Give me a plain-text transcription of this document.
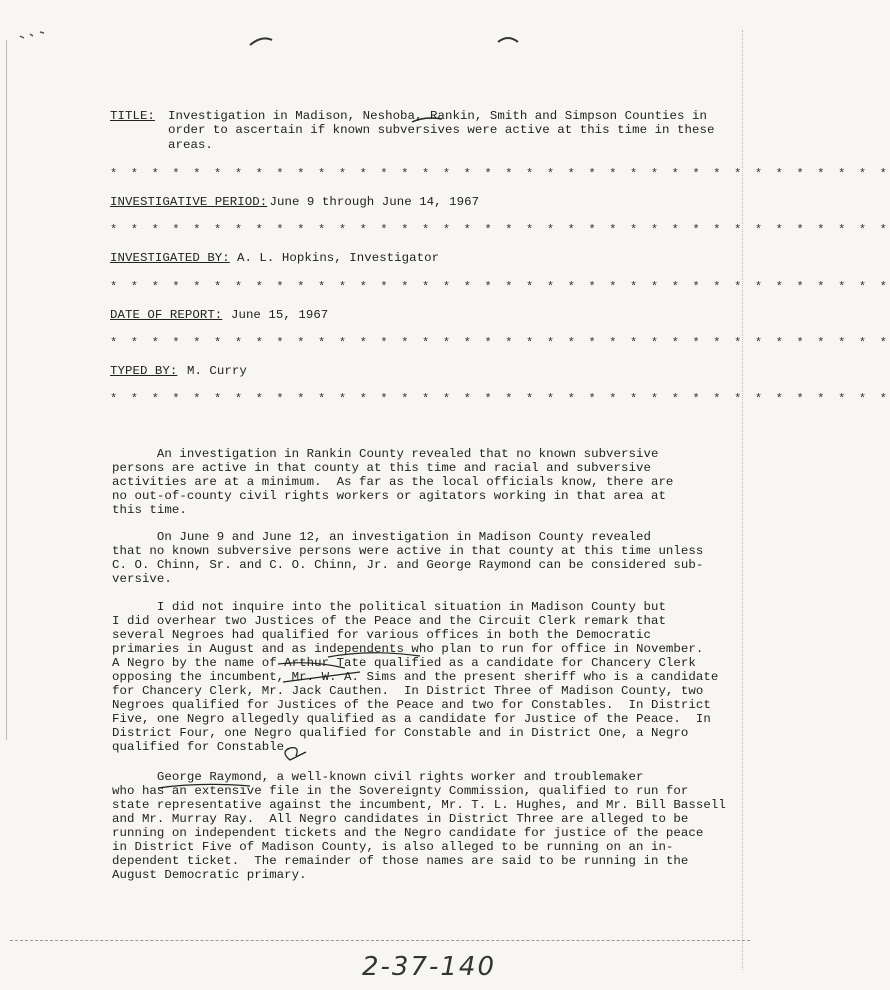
TITLE: Investigation in Madison, Neshoba, Rankin, Smith and Simpson Counties in
order to ascertain if known subversives were active at this time in these
areas.
* * * * * * * * * * * * * * * * * * * * * * * * * * * * * * * * * * * * * *
INVESTIGATIVE PERIOD:
June 9 through June 14, 1967
* * * * * * * * * * * * * * * * * * * * * * * * * * * * * * * * * * * * * *
INVESTIGATED BY:
A. L. Hopkins, Investigator
* * * * * * * * * * * * * * * * * * * * * * * * * * * * * * * * * * * * * *
DATE OF REPORT:
June 15, 1967
* * * * * * * * * * * * * * * * * * * * * * * * * * * * * * * * * * * * * *
TYPED BY:
M. Curry
* * * * * * * * * * * * * * * * * * * * * * * * * * * * * * * * * * * * * *
An investigation in Rankin County revealed that no known subversive
persons are active in that county at this time and racial and subversive
activities are at a minimum.  As far as the local officials know, there are
no out-of-county civil rights workers or agitators working in that area at
this time.
On June 9 and June 12, an investigation in Madison County revealed
that no known subversive persons were active in that county at this time unless
C. O. Chinn, Sr. and C. O. Chinn, Jr. and George Raymond can be considered sub-
versive.
I did not inquire into the political situation in Madison County but
I did overhear two Justices of the Peace and the Circuit Clerk remark that
several Negroes had qualified for various offices in both the Democratic
primaries in August and as independents who plan to run for office in November.
A Negro by the name of Arthur Tate qualified as a candidate for Chancery Clerk
opposing the incumbent, Mr. W. A. Sims and the present sheriff who is a candidate
for Chancery Clerk, Mr. Jack Cauthen.  In District Three of Madison County, two
Negroes qualified for Justices of the Peace and two for Constables.  In District
Five, one Negro allegedly qualified as a candidate for Justice of the Peace.  In
District Four, one Negro qualified for Constable and in District One, a Negro
qualified for Constable.
George Raymond, a well-known civil rights worker and troublemaker
who has an extensive file in the Sovereignty Commission, qualified to run for
state representative against the incumbent, Mr. T. L. Hughes, and Mr. Bill Bassell
and Mr. Murray Ray.  All Negro candidates in District Three are alleged to be
running on independent tickets and the Negro candidate for justice of the peace
in District Five of Madison County, is also alleged to be running on an in-
dependent ticket.  The remainder of those names are said to be running in the
August Democratic primary.
2-37-140
